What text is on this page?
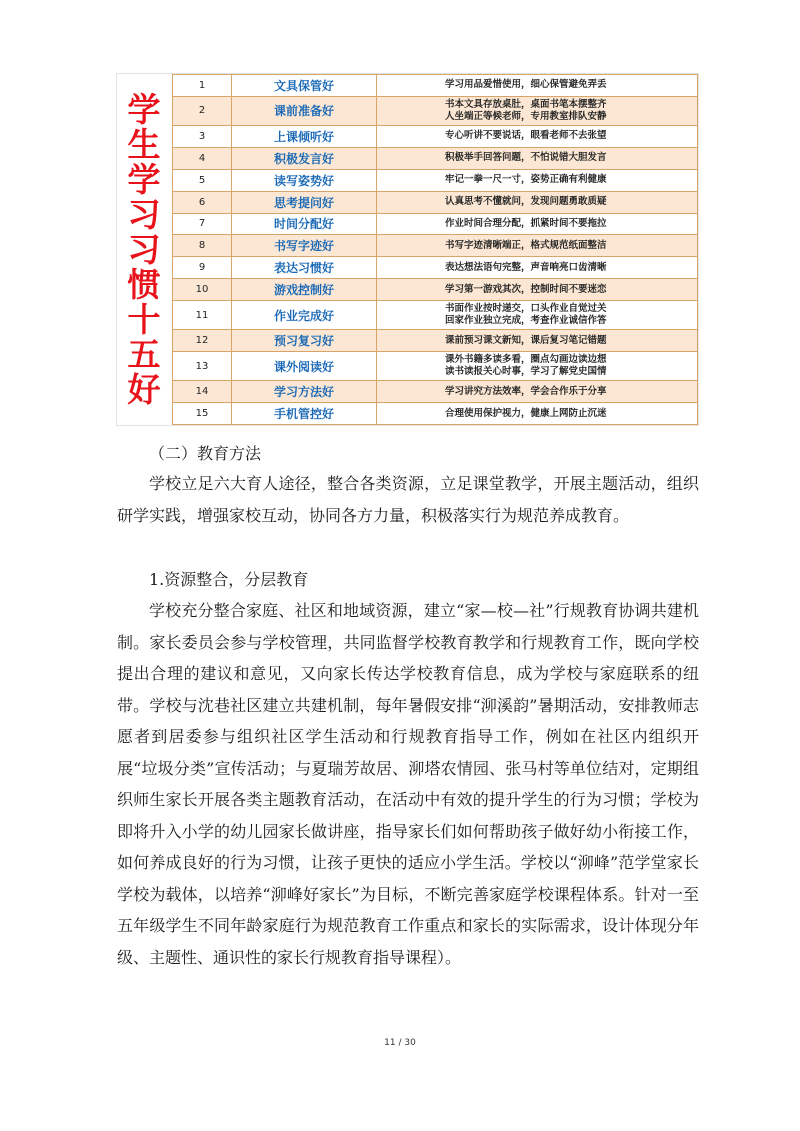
学
生
学
习
习
惯
十
五
好
1	文具保管好	学习用品爱惜使用，细心保管避免弄丢

2	课前准备好	书本文具存放桌肚，桌面书笔本摆整齐
人坐端正等候老师，专用教室排队安静

3	上课倾听好	专心听讲不要说话，眼看老师不去张望

4	积极发言好	积极举手回答问题，不怕说错大胆发言

5	读写姿势好	牢记一拳一尺一寸，姿势正确有利健康

6	思考提问好	认真思考不懂就问，发现问题勇敢质疑

7	时间分配好	作业时间合理分配，抓紧时间不要拖拉

8	书写字迹好	书写字迹清晰端正，格式规范纸面整洁

9	表达习惯好	表达想法语句完整，声音响亮口齿清晰

10	游戏控制好	学习第一游戏其次，控制时间不要迷恋

11	作业完成好	书面作业按时递交，口头作业自觉过关
回家作业独立完成，考查作业诚信作答

12	预习复习好	课前预习课文新知，课后复习笔记错题

13	课外阅读好	课外书籍多读多看，圈点勾画边读边想
读书读报关心时事，学习了解党史国情

14	学习方法好	学习讲究方法效率，学会合作乐于分享

15	手机管控好	合理使用保护视力，健康上网防止沉迷
（二）教育方法

学校立足六大育人途径，整合各类资源，立足课堂教学，开展主题活动，组织研学实践，增强家校互动，协同各方力量，积极落实行为规范养成教育。

1.资源整合，分层教育

学校充分整合家庭、社区和地域资源，建立“家—校—社”行规教育协调共建机制。家长委员会参与学校管理，共同监督学校教育教学和行规教育工作，既向学校提出合理的建议和意见，又向家长传达学校教育信息，成为学校与家庭联系的纽带。学校与沈巷社区建立共建机制，每年暑假安排“泖溪韵”暑期活动，安排教师志愿者到居委参与组织社区学生活动和行规教育指导工作，例如在社区内组织开展“垃圾分类”宣传活动；与夏瑞芳故居、泖塔农情园、张马村等单位结对，定期组织师生家长开展各类主题教育活动，在活动中有效的提升学生的行为习惯；学校为即将升入小学的幼儿园家长做讲座，指导家长们如何帮助孩子做好幼小衔接工作，如何养成良好的行为习惯，让孩子更快的适应小学生活。学校以“泖峰”范学堂家长学校为载体，以培养“泖峰好家长”为目标，不断完善家庭学校课程体系。针对一至五年级学生不同年龄家庭行为规范教育工作重点和家长的实际需求，设计体现分年级、主题性、通识性的家长行规教育指导课程）。

11 / 30
